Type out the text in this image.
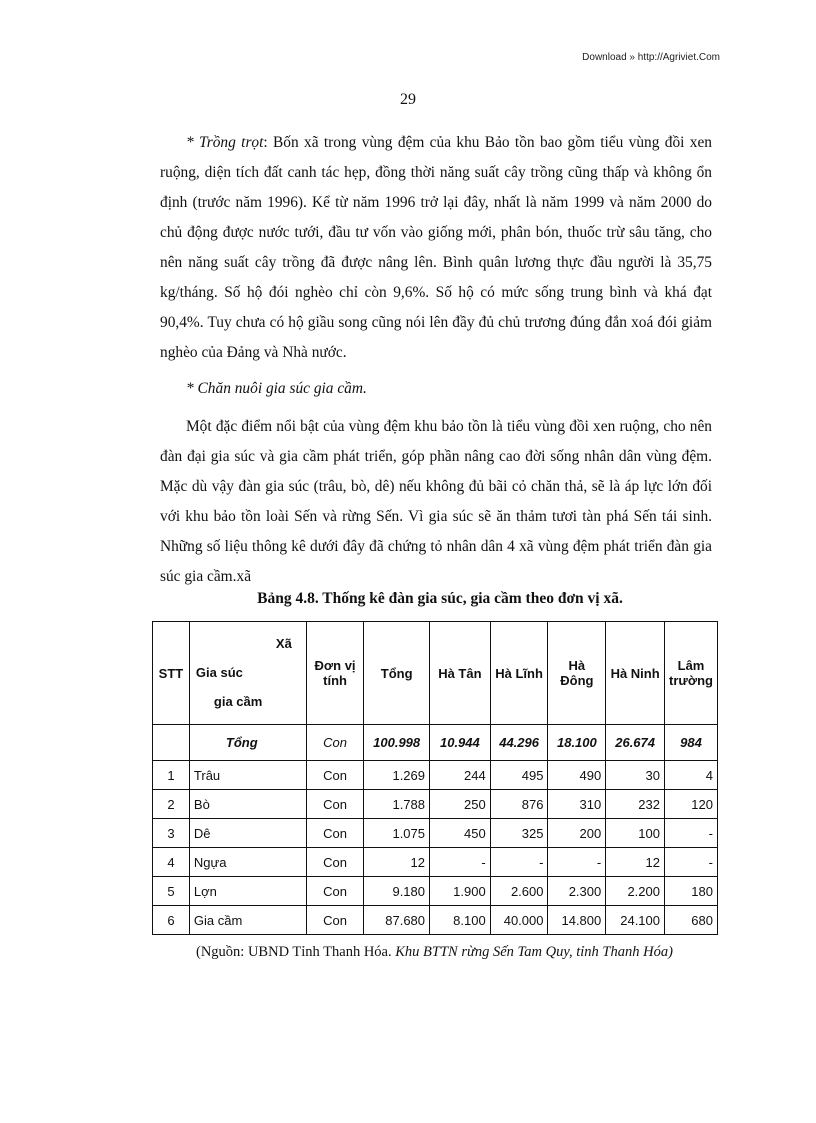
Download » http://Agriviet.Com
29

* Trồng trọt: Bốn xã trong vùng đệm của khu Bảo tồn bao gồm tiểu vùng đồi xen ruộng, diện tích đất canh tác hẹp, đồng thời năng suất cây trồng cũng thấp và không ổn định (trước năm 1996). Kể từ năm 1996 trở lại đây, nhất là năm 1999 và năm 2000 do chủ động được nước tưới, đầu tư vốn vào giống mới, phân bón, thuốc trừ sâu tăng, cho nên năng suất cây trồng đã được nâng lên. Bình quân lương thực đầu người là 35,75 kg/tháng. Số hộ đói nghèo chỉ còn 9,6%. Số hộ có mức sống trung bình và khá đạt 90,4%. Tuy chưa có hộ giầu song cũng nói lên đầy đủ chủ trương đúng đắn xoá đói giảm nghèo của Đảng và Nhà nước.

* Chăn nuôi gia súc gia cầm.

Một đặc điểm nổi bật của vùng đệm khu bảo tồn là tiểu vùng đồi xen ruộng, cho nên đàn đại gia súc và gia cầm phát triển, góp phần nâng cao đời sống nhân dân vùng đệm. Mặc dù vậy đàn gia súc (trâu, bò, dê) nếu không đủ bãi cỏ chăn thả, sẽ là áp lực lớn đối với khu bảo tồn loài Sến và rừng Sến. Vì gia súc sẽ ăn thảm tươi tàn phá Sến tái sinh. Những số liệu thông kê dưới đây đã chứng tỏ nhân dân 4 xã vùng đệm phát triển đàn gia súc gia cầm.xã

Bảng 4.8. Thống kê đàn gia súc, gia cầm theo đơn vị xã.
STT	Xã
Gia súc
gia cầm	Đơn vị tính	Tổng	Hà Tân	Hà Lĩnh	Hà Đông	Hà Ninh	Lâm trường
	Tổng	Con	100.998	10.944	44.296	18.100	26.674	984
1	Trâu	Con	1.269	244	495	490	30	4
2	Bò	Con	1.788	250	876	310	232	120
3	Dê	Con	1.075	450	325	200	100	-
4	Ngựa	Con	12	-	-	-	12	-
5	Lợn	Con	9.180	1.900	2.600	2.300	2.200	180
6	Gia cầm	Con	87.680	8.100	40.000	14.800	24.100	680
(Nguồn: UBND Tỉnh Thanh Hóa. Khu BTTN rừng Sến Tam Quy, tỉnh Thanh Hóa)
